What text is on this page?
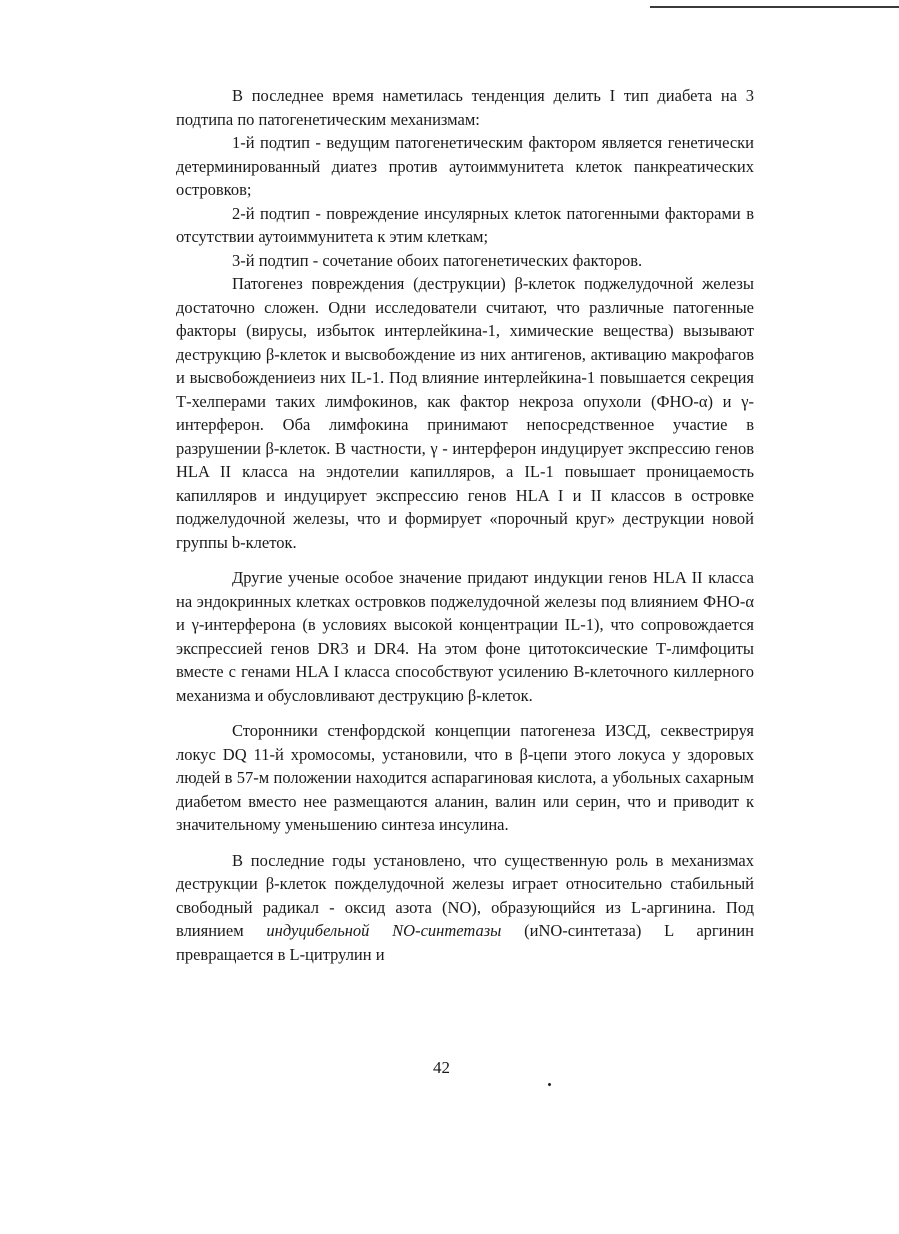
В последнее время наметилась тенденция делить I тип диабета на 3 подтипа по патогенетическим механизмам:

1-й подтип - ведущим патогенетическим фактором является генетически детерминированный диатез против аутоиммунитета клеток панкреатических островков;

2-й подтип - повреждение инсулярных клеток патогенными факторами в отсутствии аутоиммунитета к этим клеткам;

3-й подтип - сочетание обоих патогенетических факторов.

Патогенез повреждения (деструкции) β-клеток поджелудочной железы достаточно сложен. Одни исследователи считают, что различные патогенные факторы (вирусы, избыток интерлейкина-1, химические вещества) вызывают деструкцию β-клеток и высвобождение из них антигенов, активацию макрофагов и высвобождениеиз них IL-1. Под влияние интерлейкина-1 повышается секреция Т-хелперами таких лимфокинов, как фактор некроза опухоли (ФНО-α) и γ-интерферон. Оба лимфокина принимают непосредственное участие в разрушении β-клеток. В частности, γ - интерферон индуцирует экспрессию генов HLA II класса на эндотелии капилляров, а IL-1 повышает проницаемость капилляров и индуцирует экспрессию генов HLA I и II классов в островке поджелудочной железы, что и формирует «порочный круг» деструкции новой группы b-клеток.

Другие ученые особое значение придают индукции генов HLA II класса на эндокринных клетках островков поджелудочной железы под влиянием ФНО-α и γ-интерферона (в условиях высокой концентрации IL-1), что сопровождается экспрессией генов DR3 и DR4. На этом фоне цитотоксические Т-лимфоциты вместе с генами HLA I класса способствуют усилению В-клеточного киллерного механизма и обусловливают деструкцию β-клеток.

Сторонники стенфордской концепции патогенеза ИЗСД, секвестрируя локус DQ 11-й хромосомы, установили, что в β-цепи этого локуса у здоровых людей в 57-м положении находится аспарагиновая кислота, а убольных сахарным диабетом вместо нее размещаются аланин, валин или серин, что и приводит к значительному уменьшению синтеза инсулина.

В последние годы установлено, что существенную роль в механизмах деструкции β-клеток пожделудочной железы играет относительно стабильный свободный радикал - оксид азота (NO), образующийся из L-аргинина. Под влиянием индуцибельной NO-синтетазы (иNO-синтетаза) L аргинин превращается в L-цитрулин и

42
